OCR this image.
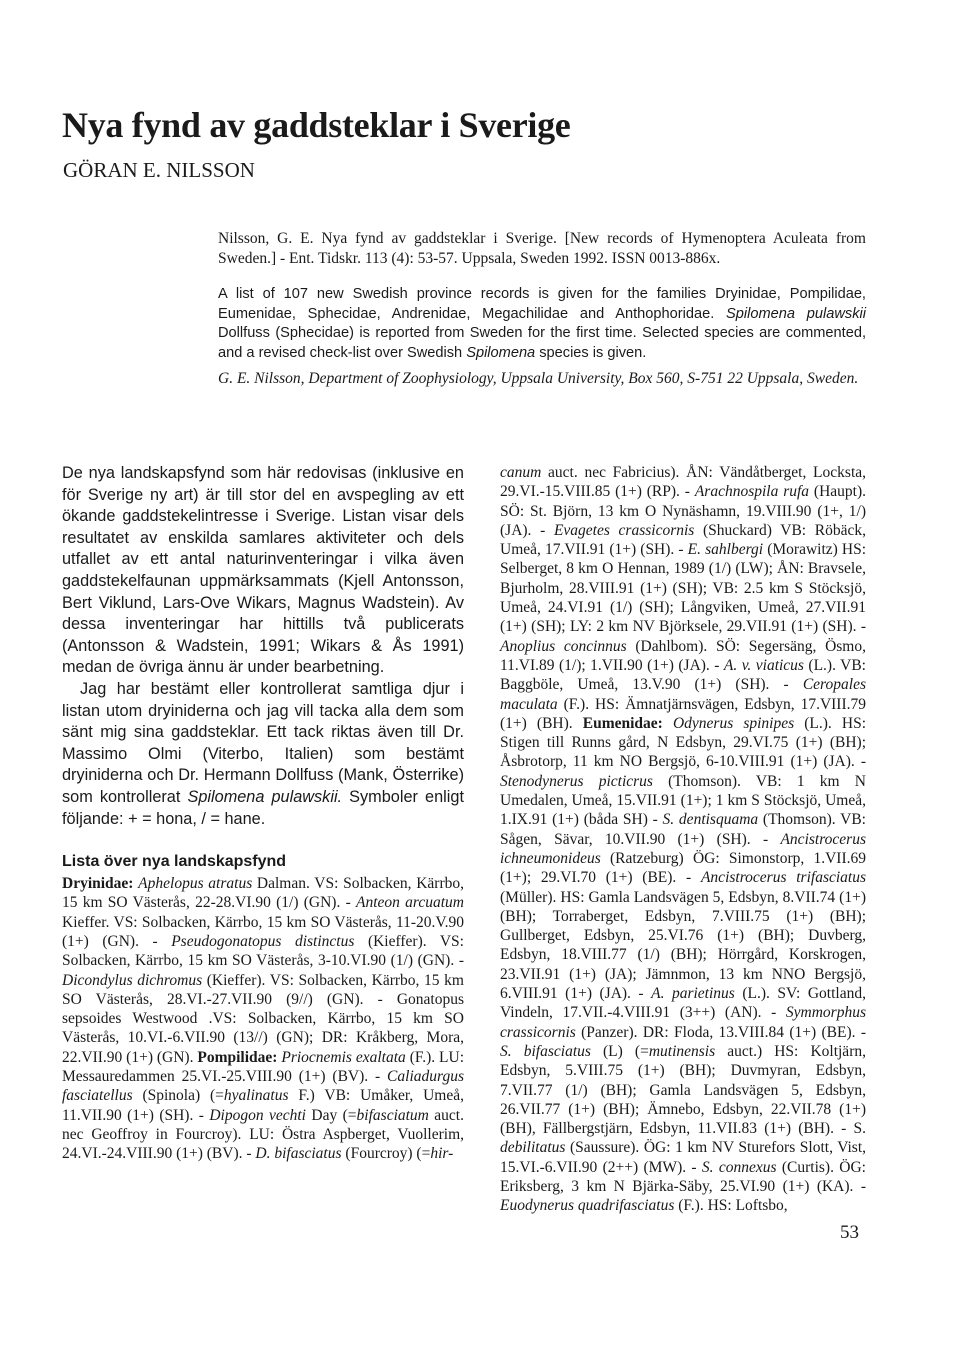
Nya fynd av gaddsteklar i Sverige
GÖRAN E. NILSSON
Nilsson, G. E. Nya fynd av gaddsteklar i Sverige. [New records of Hymenoptera Aculeata from Sweden.] - Ent. Tidskr. 113 (4): 53-57. Uppsala, Sweden 1992. ISSN 0013-886x.
A list of 107 new Swedish province records is given for the families Dryinidae, Pompilidae, Eumenidae, Sphecidae, Andrenidae, Megachilidae and Anthophoridae. Spilomena pulawskii Dollfuss (Sphecidae) is reported from Sweden for the first time. Selected species are commented, and a revised check-list over Swedish Spilomena species is given.
G. E. Nilsson, Department of Zoophysiology, Uppsala University, Box 560, S-751 22 Uppsala, Sweden.

De nya landskapsfynd som här redovisas (inklusive en för Sverige ny art) är till stor del en avspegling av ett ökande gaddstekelintresse i Sverige. Listan visar dels resultatet av enskilda samlares aktiviteter och dels utfallet av ett antal naturinventeringar i vilka även gaddstekelfaunan uppmärksammats (Kjell Antonsson, Bert Viklund, Lars-Ove Wikars, Magnus Wadstein). Av dessa inventeringar har hittills två publicerats (Antonsson & Wadstein, 1991; Wikars & Ås 1991) medan de övriga ännu är under bearbetning.

Jag har bestämt eller kontrollerat samtliga djur i listan utom dryiniderna och jag vill tacka alla dem som sänt mig sina gaddsteklar. Ett tack riktas även till Dr. Massimo Olmi (Viterbo, Italien) som bestämt dryiniderna och Dr. Hermann Dollfuss (Mank, Österrike) som kontrollerat Spilomena pulawskii. Symboler enligt följande: + = hona, / = hane.

Lista över nya landskapsfynd

Dryinidae: Aphelopus atratus Dalman. VS: Solbacken, Kärrbo, 15 km SO Västerås, 22-28.VI.90 (1/) (GN). - Anteon arcuatum Kieffer. VS: Solbacken, Kärrbo, 15 km SO Västerås, 11-20.V.90 (1+) (GN). - Pseudogonatopus distinctus (Kieffer). VS: Solbacken, Kärrbo, 15 km SO Västerås, 3-10.VI.90 (1/) (GN). - Dicondylus dichromus (Kieffer). VS: Solbacken, Kärrbo, 15 km SO Västerås, 28.VI.-27.VII.90 (9//) (GN). - Gonatopus sepsoides Westwood .VS: Solbacken, Kärrbo, 15 km SO Västerås, 10.VI.-6.VII.90 (13//) (GN); DR: Kråkberg, Mora, 22.VII.90 (1+) (GN). Pompilidae: Priocnemis exaltata (F.). LU: Messauredammen 25.VI.-25.VIII.90 (1+) (BV). - Caliadurgus fasciatellus (Spinola) (=hyalinatus F.) VB: Umåker, Umeå, 11.VII.90 (1+) (SH). - Dipogon vechti Day (=bifasciatum auct. nec Geoffroy in Fourcroy). LU: Östra Aspberget, Vuollerim, 24.VI.-24.VIII.90 (1+) (BV). - D. bifasciatus (Fourcroy) (=hir-

canum auct. nec Fabricius). ÅN: Vändåtberget, Locksta, 29.VI.-15.VIII.85 (1+) (RP). - Arachnospila rufa (Haupt). SÖ: St. Björn, 13 km O Nynäshamn, 19.VIII.90 (1+, 1/) (JA). - Evagetes crassicornis (Shuckard) VB: Röbäck, Umeå, 17.VII.91 (1+) (SH). - E. sahlbergi (Morawitz) HS: Selberget, 8 km O Hennan, 1989 (1/) (LW); ÅN: Bravsele, Bjurholm, 28.VIII.91 (1+) (SH); VB: 2.5 km S Stöcksjö, Umeå, 24.VI.91 (1/) (SH); Långviken, Umeå, 27.VII.91 (1+) (SH); LY: 2 km NV Björksele, 29.VII.91 (1+) (SH). - Anoplius concinnus (Dahlbom). SÖ: Segersäng, Ösmo, 11.VI.89 (1/); 1.VII.90 (1+) (JA). - A. v. viaticus (L.). VB: Baggböle, Umeå, 13.V.90 (1+) (SH). - Ceropales maculata (F.). HS: Ämnatjärnsvägen, Edsbyn, 17.VIII.79 (1+) (BH). Eumenidae: Odynerus spinipes (L.). HS: Stigen till Runns gård, N Edsbyn, 29.VI.75 (1+) (BH); Åsbrotorp, 11 km NO Bergsjö, 6-10.VIII.91 (1+) (JA). - Stenodynerus picticrus (Thomson). VB: 1 km N Umedalen, Umeå, 15.VII.91 (1+); 1 km S Stöcksjö, Umeå, 1.IX.91 (1+) (båda SH) - S. dentisquama (Thomson). VB: Sågen, Sävar, 10.VII.90 (1+) (SH). - Ancistrocerus ichneumonideus (Ratzeburg) ÖG: Simonstorp, 1.VII.69 (1+); 29.VI.70 (1+) (BE). - Ancistrocerus trifasciatus (Müller). HS: Gamla Landsvägen 5, Edsbyn, 8.VII.74 (1+) (BH); Torraberget, Edsbyn, 7.VIII.75 (1+) (BH); Gullberget, Edsbyn, 25.VI.76 (1+) (BH); Duvberg, Edsbyn, 18.VIII.77 (1/) (BH); Hörrgård, Korskrogen, 23.VII.91 (1+) (JA); Jämnmon, 13 km NNO Bergsjö, 6.VIII.91 (1+) (JA). - A. parietinus (L.). SV: Gottland, Vindeln, 17.VII.-4.VIII.91 (3++) (AN). - Symmorphus crassicornis (Panzer). DR: Floda, 13.VIII.84 (1+) (BE). - S. bifasciatus (L) (=mutinensis auct.) HS: Koltjärn, Edsbyn, 5.VIII.75 (1+) (BH); Duvmyran, Edsbyn, 7.VII.77 (1/) (BH); Gamla Landsvägen 5, Edsbyn, 26.VII.77 (1+) (BH); Ämnebo, Edsbyn, 22.VII.78 (1+) (BH), Fällbergstjärn, Edsbyn, 11.VII.83 (1+) (BH). - S. debilitatus (Saussure). ÖG: 1 km NV Sturefors Slott, Vist, 15.VI.-6.VII.90 (2++) (MW). - S. connexus (Curtis). ÖG: Eriksberg, 3 km N Bjärka-Säby, 25.VI.90 (1+) (KA). - Euodynerus quadrifasciatus (F.). HS: Loftsbo,

53
